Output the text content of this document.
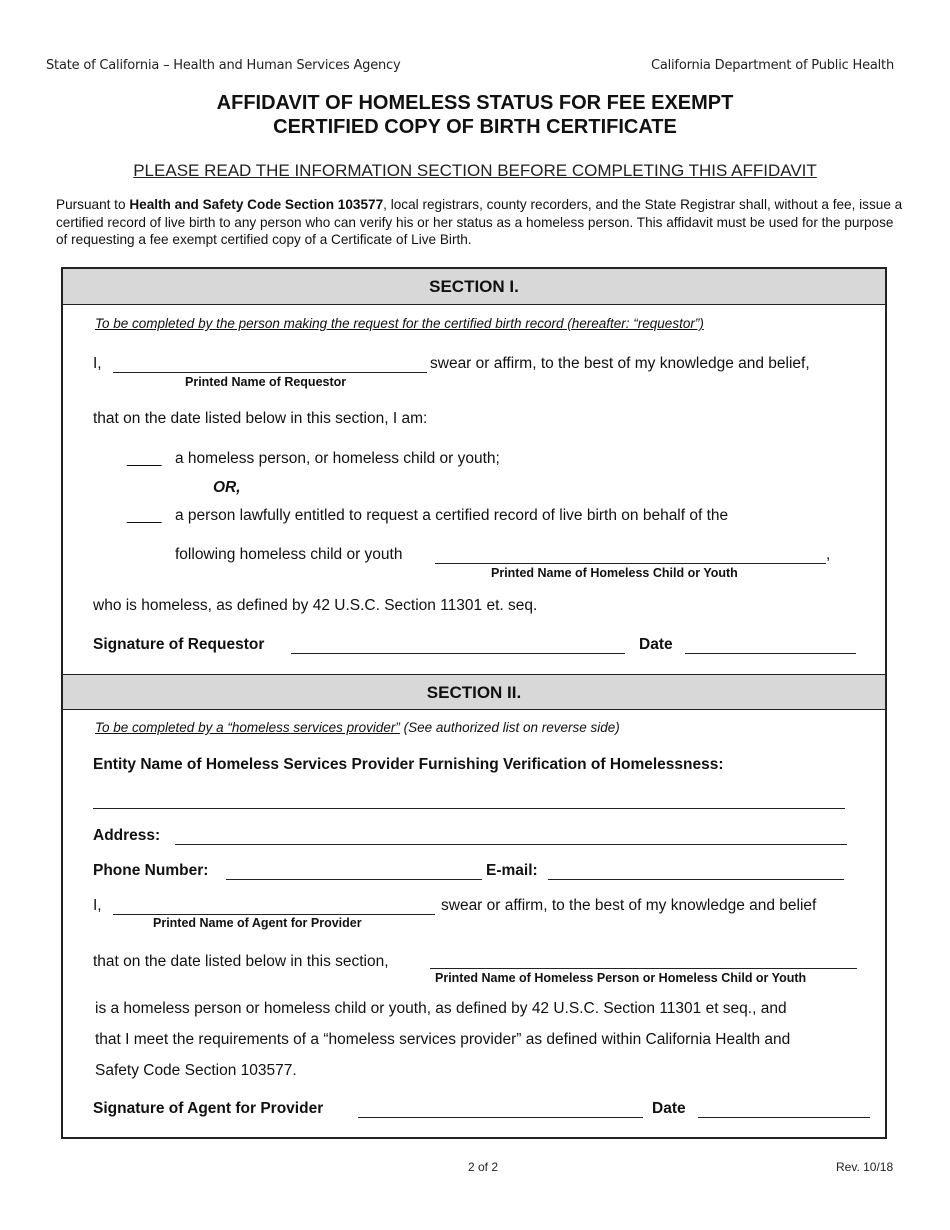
State of California – Health and Human Services Agency	California Department of Public Health
AFFIDAVIT OF HOMELESS STATUS FOR FEE EXEMPT
CERTIFIED COPY OF BIRTH CERTIFICATE
PLEASE READ THE INFORMATION SECTION BEFORE COMPLETING THIS AFFIDAVIT
Pursuant to Health and Safety Code Section 103577, local registrars, county recorders, and the State Registrar shall, without a fee, issue a certified record of live birth to any person who can verify his or her status as a homeless person. This affidavit must be used for the purpose of requesting a fee exempt certified copy of a Certificate of Live Birth.
SECTION I.
To be completed by the person making the request for the certified birth record (hereafter: “requestor”)
I,	swear or affirm, to the best of my knowledge and belief,
Printed Name of Requestor
that on the date listed below in this section, I am:
____ a homeless person, or homeless child or youth;
OR,
____ a person lawfully entitled to request a certified record of live birth on behalf of the
following homeless child or youth	,
Printed Name of Homeless Child or Youth
who is homeless, as defined by 42 U.S.C. Section 11301 et. seq.
Signature of Requestor	Date
SECTION II.
To be completed by a “homeless services provider” (See authorized list on reverse side)
Entity Name of Homeless Services Provider Furnishing Verification of Homelessness:
Address:
Phone Number:	E-mail:
I,	swear or affirm, to the best of my knowledge and belief
Printed Name of Agent for Provider
that on the date listed below in this section,
Printed Name of Homeless Person or Homeless Child or Youth
is a homeless person or homeless child or youth, as defined by 42 U.S.C. Section 11301 et seq., and
that I meet the requirements of a “homeless services provider” as defined within California Health and
Safety Code Section 103577.
Signature of Agent for Provider	Date
2 of 2	Rev. 10/18
